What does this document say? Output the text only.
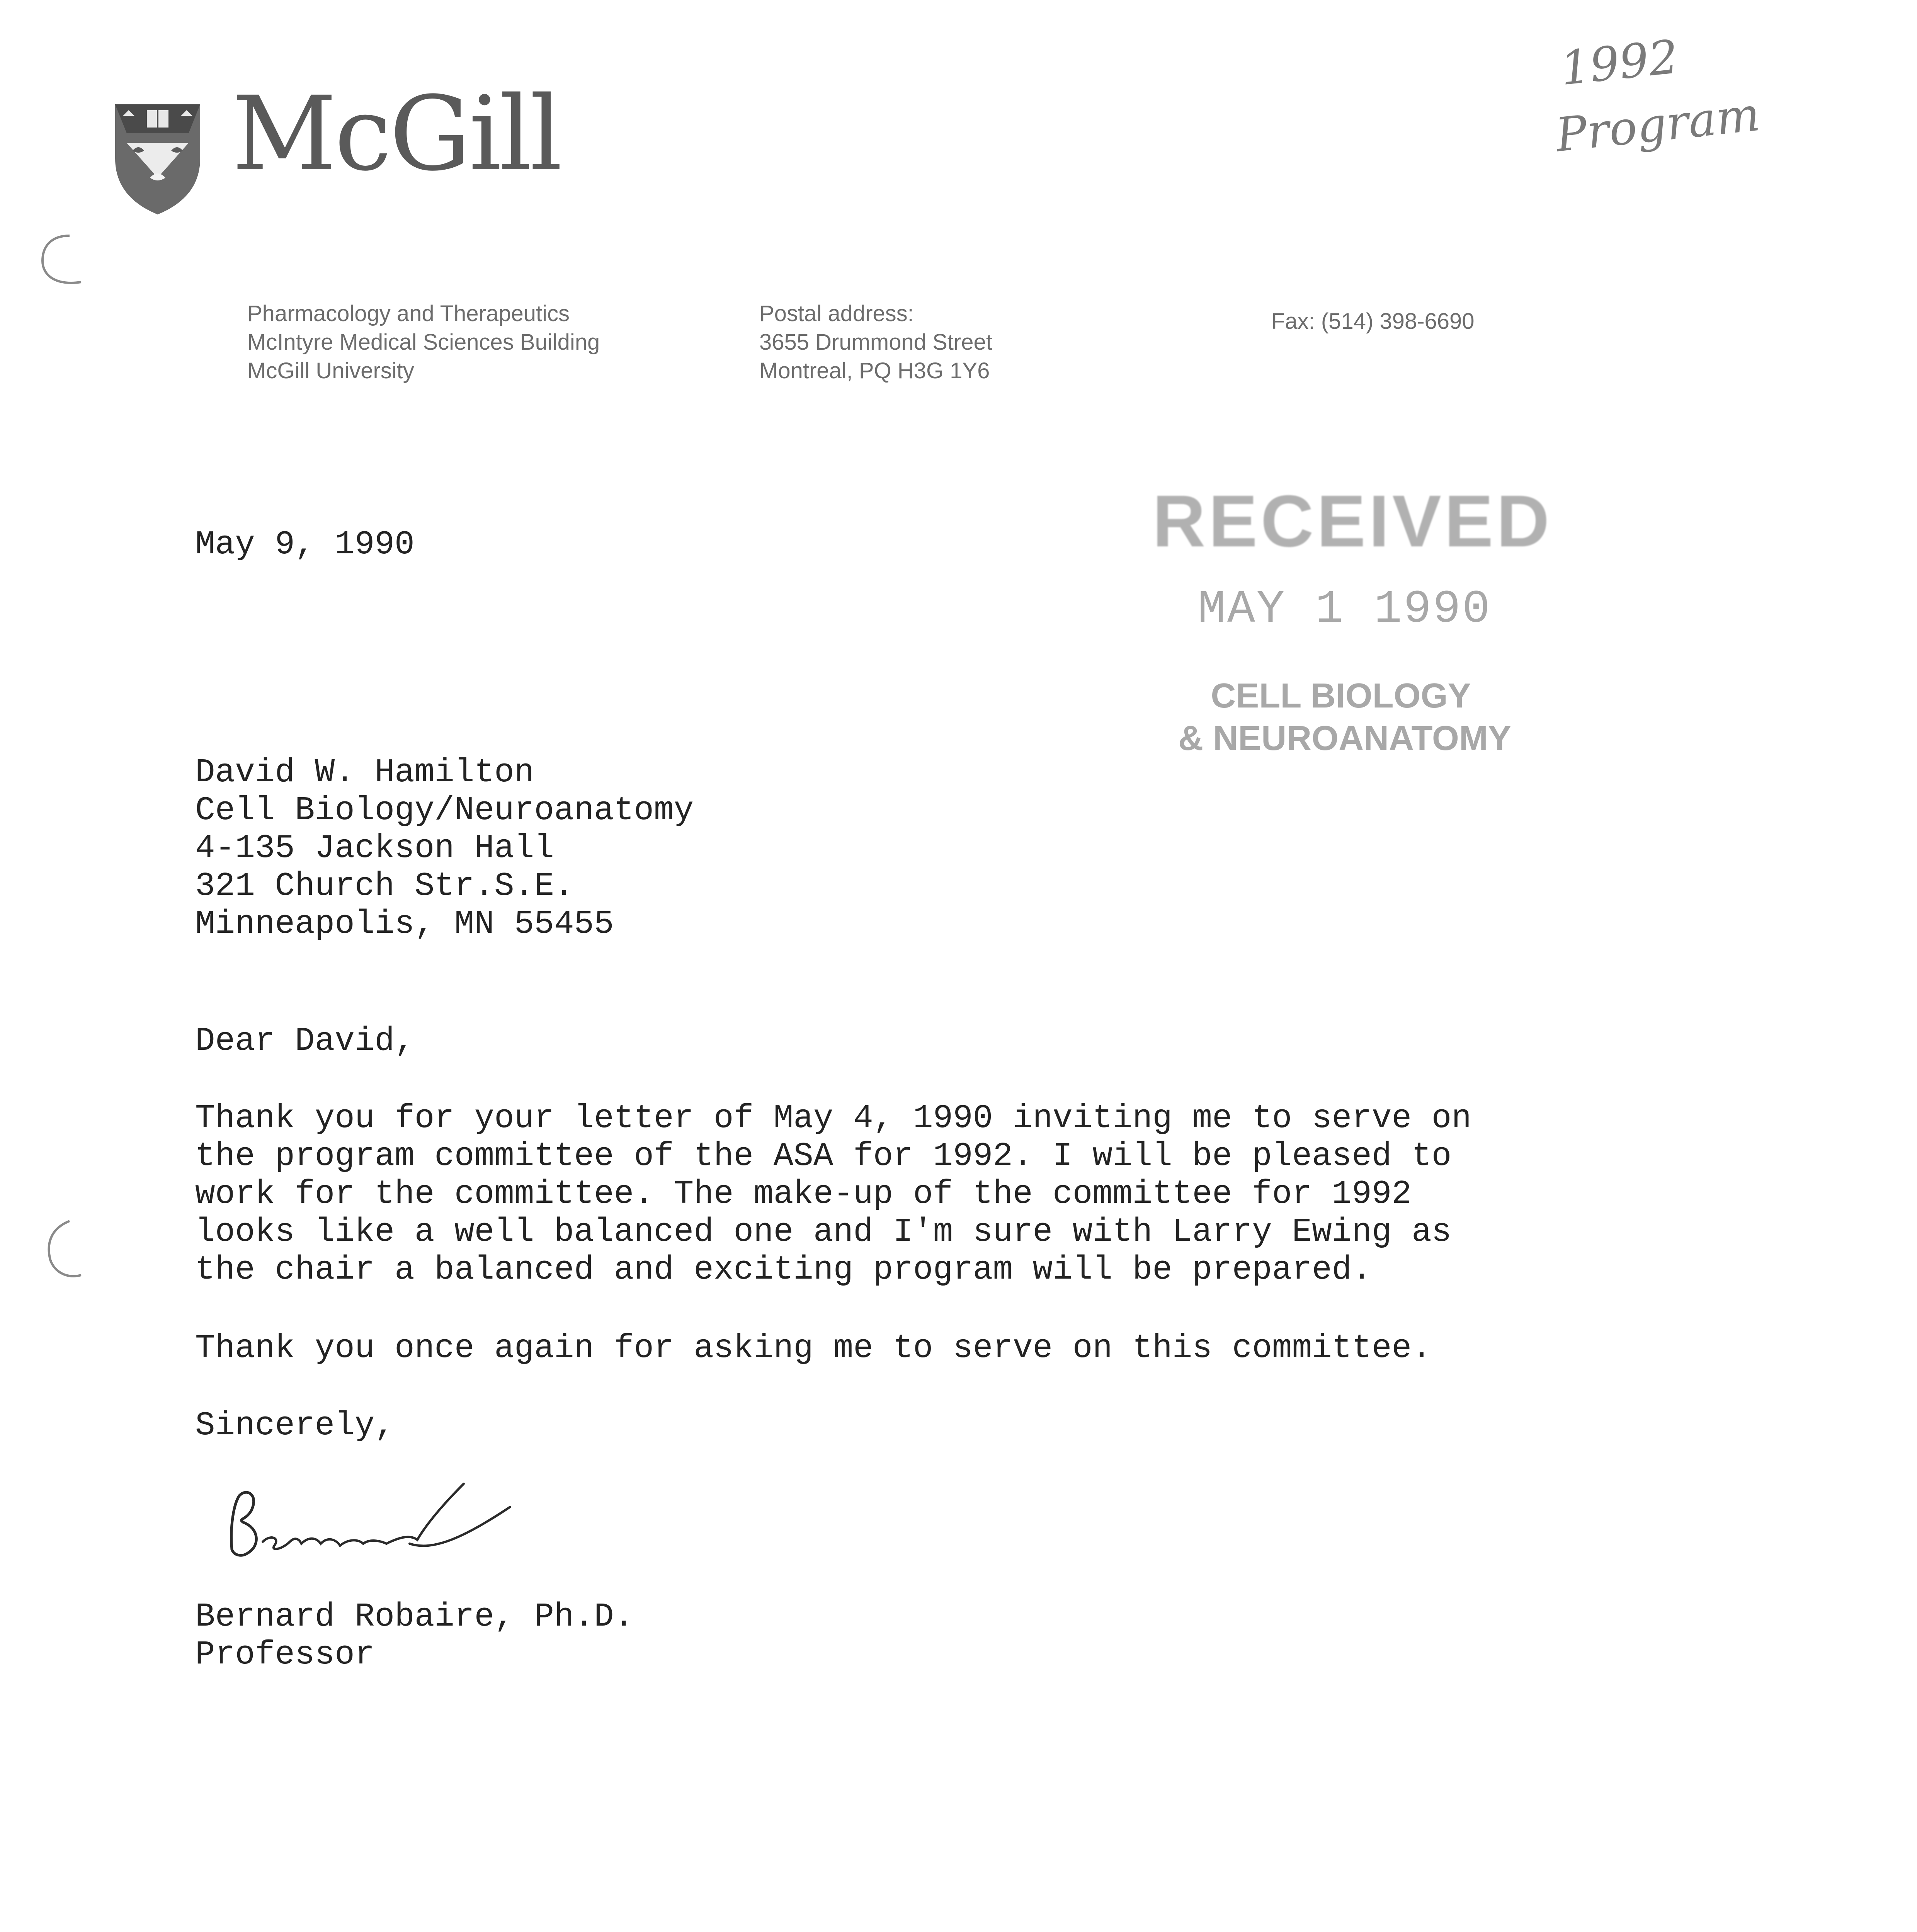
McGill
Pharmacology and Therapeutics
McIntyre Medical Sciences Building
McGill University
Postal address:
3655 Drummond Street
Montreal, PQ H3G 1Y6
Fax: (514) 398-6690
1992
Program
RECEIVED
MAY 1 1990
CELL BIOLOGY
& NEUROANATOMY
May 9, 1990
David W. Hamilton
Cell Biology/Neuroanatomy
4-135 Jackson Hall
321 Church Str.S.E.
Minneapolis, MN 55455
Dear David,
Thank you for your letter of May 4, 1990 inviting me to serve on
the program committee of the ASA for 1992. I will be pleased to
work for the committee. The make-up of the committee for 1992
looks like a well balanced one and I'm sure with Larry Ewing as
the chair a balanced and exciting program will be prepared.
Thank you once again for asking me to serve on this committee.
Sincerely,
Bernard Robaire, Ph.D.
Professor
